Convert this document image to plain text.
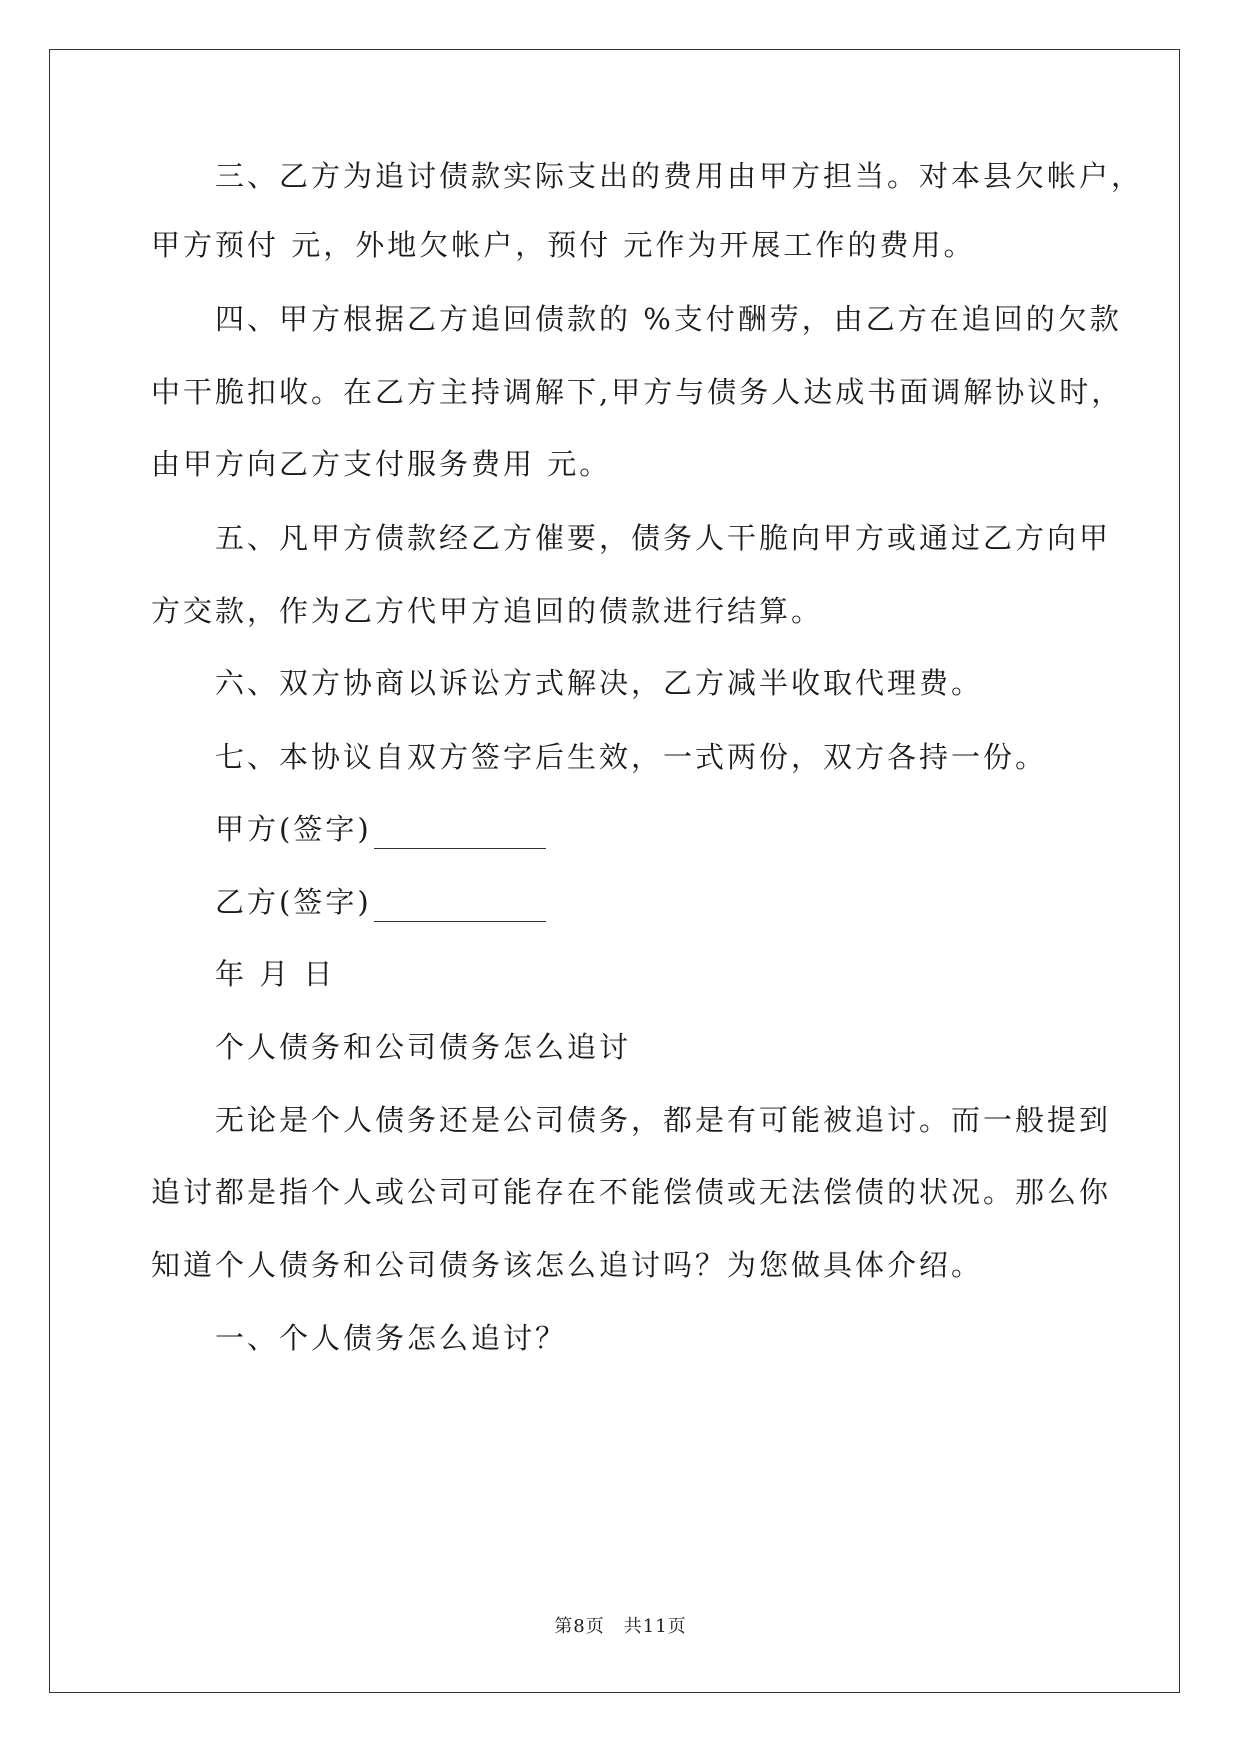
　　三、乙方为追讨债款实际支出的费用由甲方担当。对本县欠帐户，
甲方预付 元，外地欠帐户，预付 元作为开展工作的费用。
　　四、甲方根据乙方追回债款的 %支付酬劳，由乙方在追回的欠款
中干脆扣收。在乙方主持调解下,甲方与债务人达成书面调解协议时，
由甲方向乙方支付服务费用 元。
　　五、凡甲方债款经乙方催要，债务人干脆向甲方或通过乙方向甲
方交款，作为乙方代甲方追回的债款进行结算。
　　六、双方协商以诉讼方式解决，乙方减半收取代理费。
　　七、本协议自双方签字后生效，一式两份，双方各持一份。
　　甲方(签字)
　　乙方(签字)
　　年 月 日
　　个人债务和公司债务怎么追讨
　　无论是个人债务还是公司债务，都是有可能被追讨。而一般提到
追讨都是指个人或公司可能存在不能偿债或无法偿债的状况。那么你
知道个人债务和公司债务该怎么追讨吗？为您做具体介绍。
　　一、个人债务怎么追讨？
第8页　共11页
